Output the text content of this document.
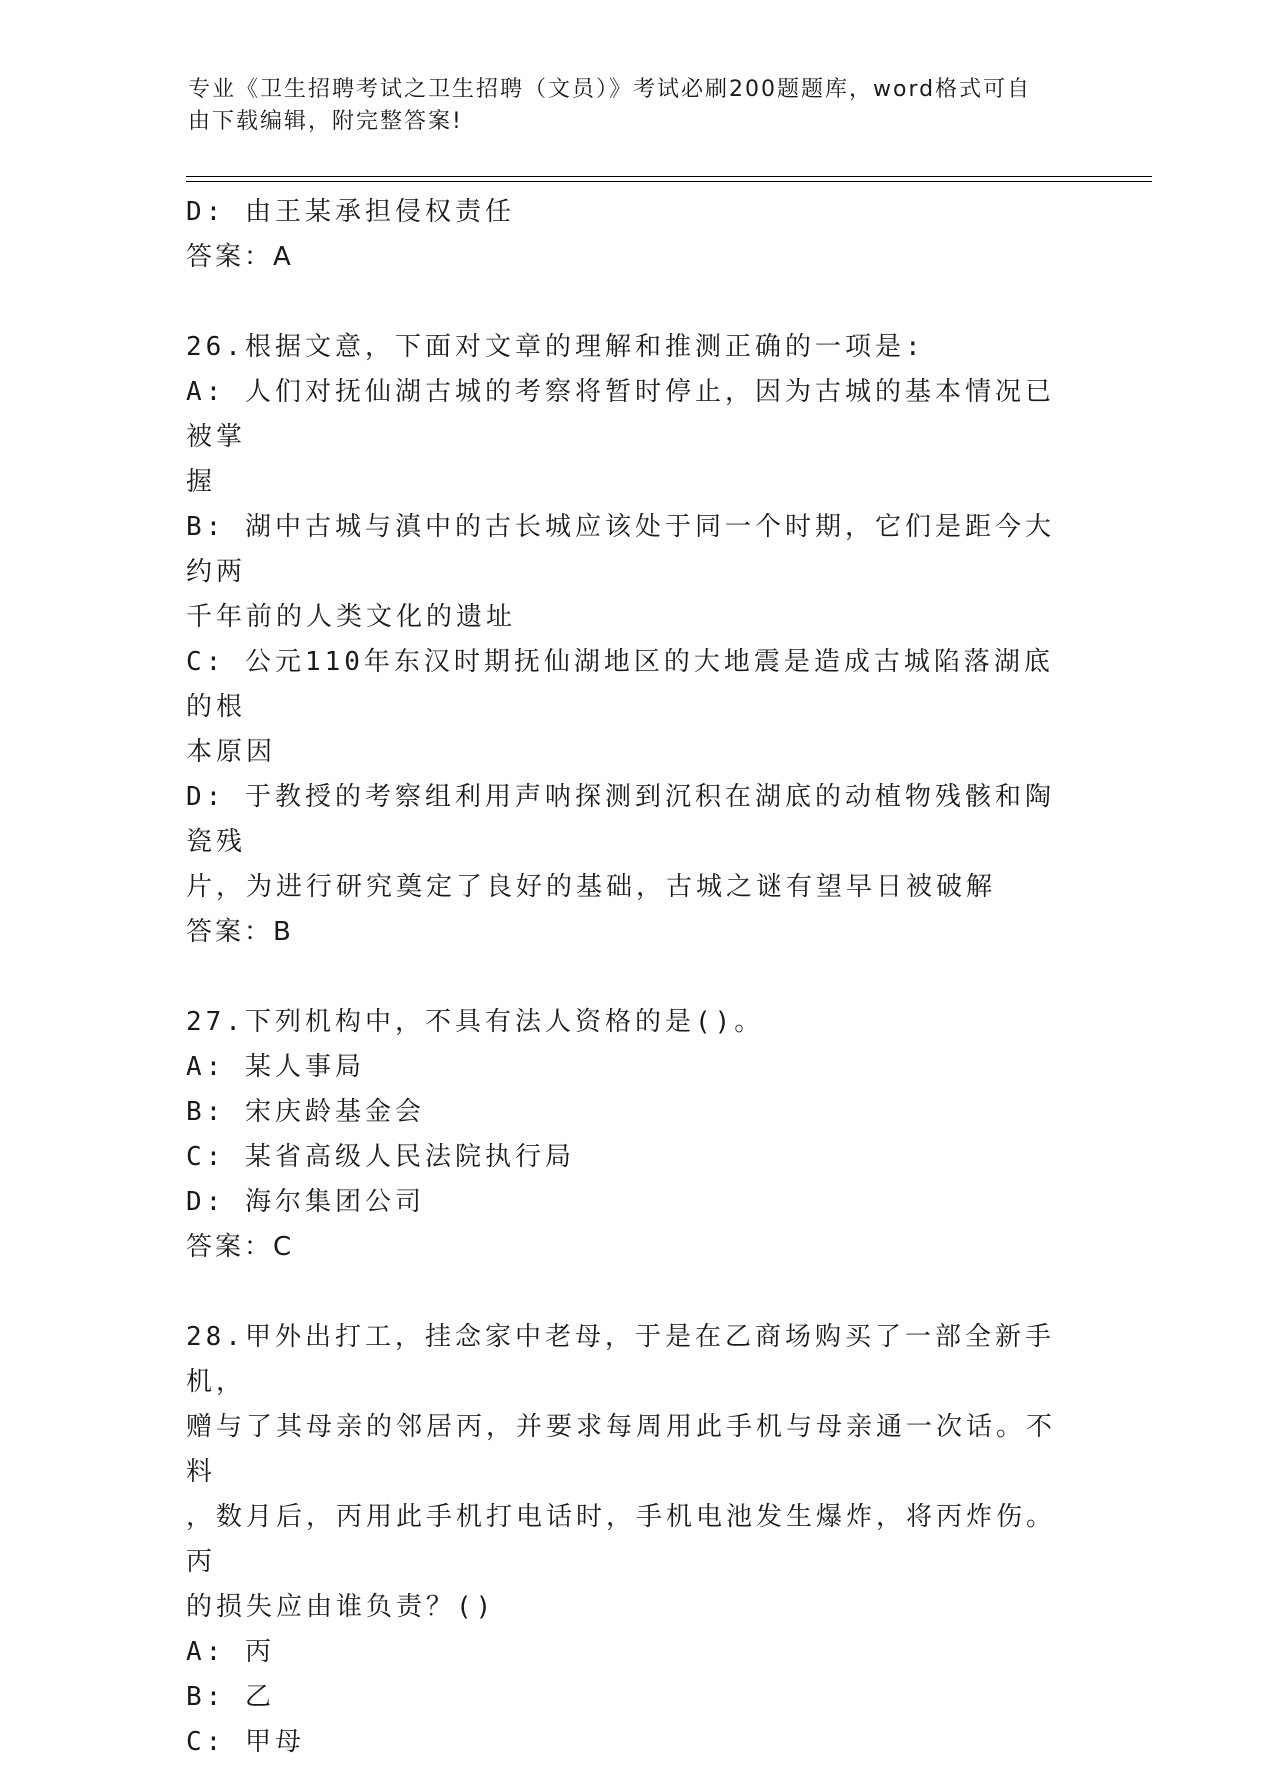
专业《卫生招聘考试之卫生招聘（文员）》考试必刷200题题库，word格式可自
由下载编辑，附完整答案!
D: 由王某承担侵权责任
答案：A
26.根据文意，下面对文章的理解和推测正确的一项是:
A: 人们对抚仙湖古城的考察将暂时停止，因为古城的基本情况已被掌
握
B: 湖中古城与滇中的古长城应该处于同一个时期，它们是距今大约两
千年前的人类文化的遗址
C: 公元110年东汉时期抚仙湖地区的大地震是造成古城陷落湖底的根
本原因
D: 于教授的考察组利用声呐探测到沉积在湖底的动植物残骸和陶瓷残
片，为进行研究奠定了良好的基础，古城之谜有望早日被破解
答案：B
27.下列机构中，不具有法人资格的是()。
A: 某人事局
B: 宋庆龄基金会
C: 某省高级人民法院执行局
D: 海尔集团公司
答案：C
28.甲外出打工，挂念家中老母，于是在乙商场购买了一部全新手机，
赠与了其母亲的邻居丙，并要求每周用此手机与母亲通一次话。不料
，数月后，丙用此手机打电话时，手机电池发生爆炸，将丙炸伤。丙
的损失应由谁负责？()
A: 丙
B: 乙
C: 甲母
